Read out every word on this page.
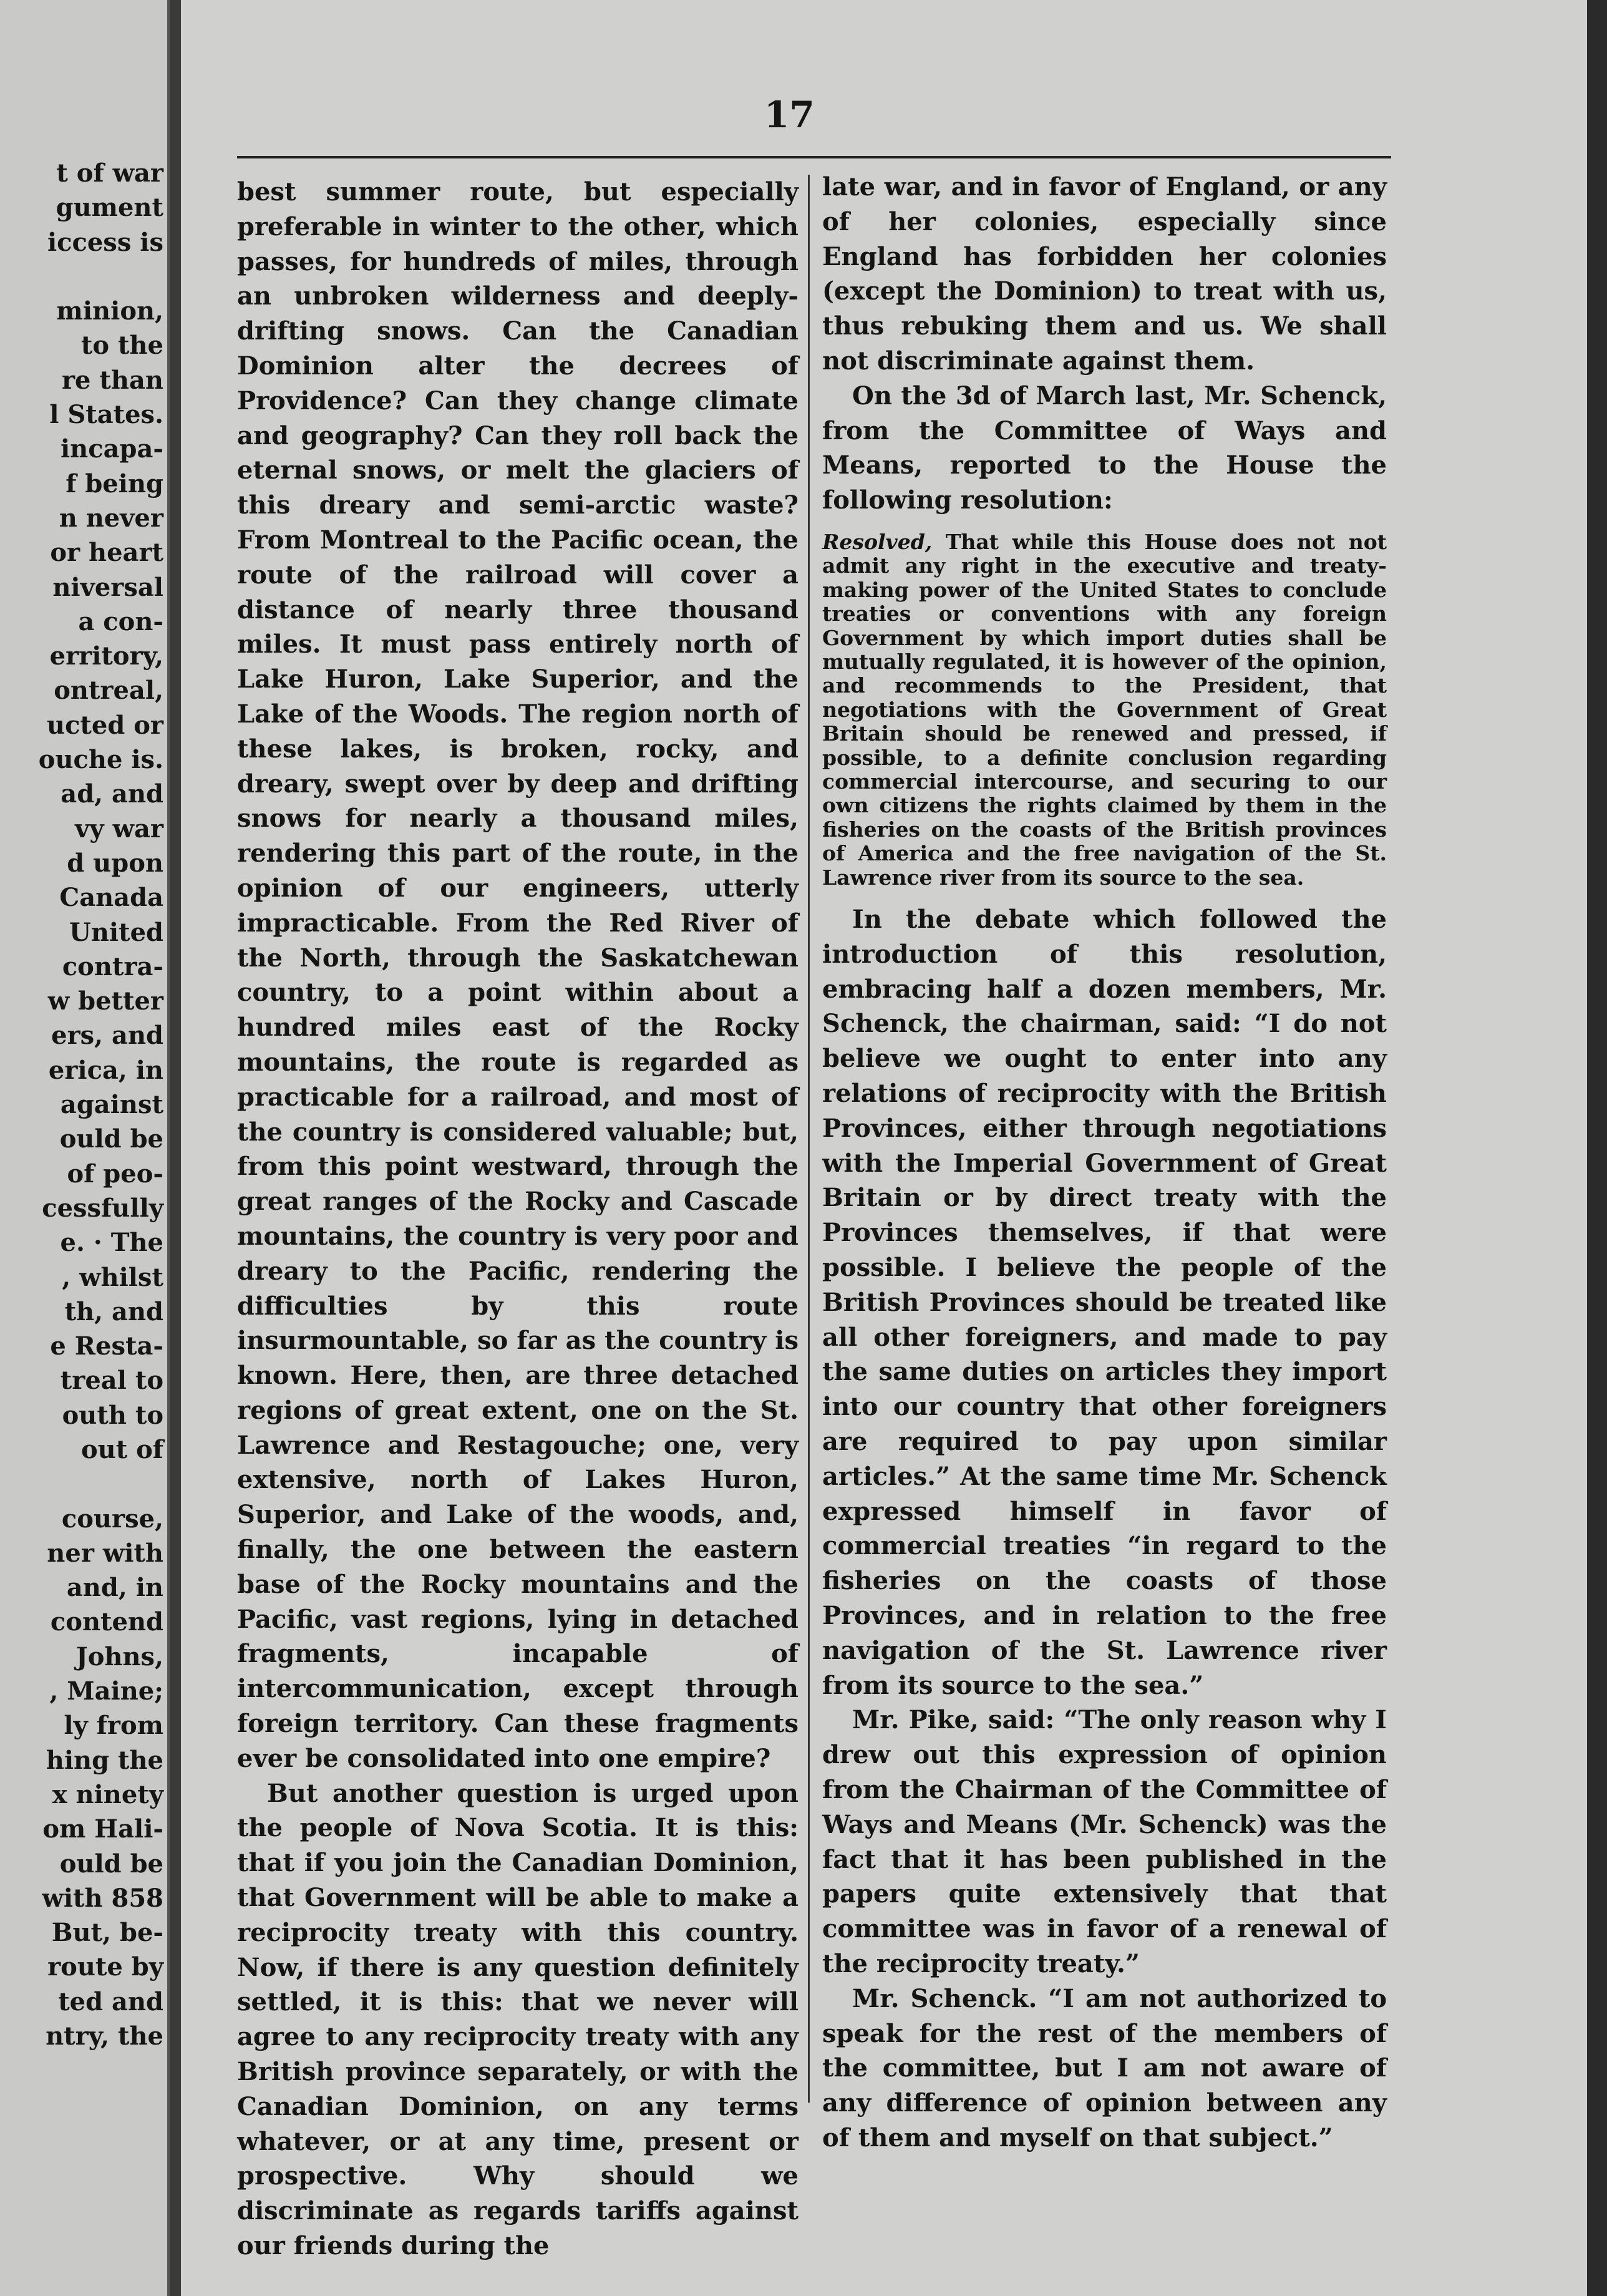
t of war
gument
iccess is
minion,
to the
re than
l States.
incapa-
f being
n never
or heart
niversal
a con-
erritory,
ontreal,
ucted or
ouche is.
ad, and
vy war
d upon
Canada
United
contra-
w better
ers, and
erica, in
against
ould be
of peo-
cessfully
e. · The
, whilst
th, and
e Resta-
treal to
outh to
out of
course,
ner with
and, in
contend
Johns,
, Maine;
ly from
hing the
x ninety
om Hali-
ould be
with 858
But, be-
route by
ted and
ntry, the
17

best summer route, but especially preferable in winter to the other, which passes, for hundreds of miles, through an unbroken wilderness and deeply-drifting snows. Can the Canadian Dominion alter the decrees of Providence? Can they change climate and geography? Can they roll back the eternal snows, or melt the glaciers of this dreary and semi-arctic waste? From Montreal to the Pacific ocean, the route of the railroad will cover a distance of nearly three thousand miles. It must pass entirely north of Lake Huron, Lake Superior, and the Lake of the Woods. The region north of these lakes, is broken, rocky, and dreary, swept over by deep and drifting snows for nearly a thousand miles, rendering this part of the route, in the opinion of our engineers, utterly impracticable. From the Red River of the North, through the Saskatchewan country, to a point within about a hundred miles east of the Rocky mountains, the route is regarded as practicable for a railroad, and most of the country is considered valuable; but, from this point westward, through the great ranges of the Rocky and Cascade mountains, the country is very poor and dreary to the Pacific, rendering the difficulties by this route insurmountable, so far as the country is known. Here, then, are three detached regions of great extent, one on the St. Lawrence and Restagouche; one, very extensive, north of Lakes Huron, Superior, and Lake of the woods, and, finally, the one between the eastern base of the Rocky mountains and the Pacific, vast regions, lying in detached fragments, incapable of intercommunication, except through foreign territory. Can these fragments ever be consolidated into one empire?

But another question is urged upon the people of Nova Scotia. It is this: that if you join the Canadian Dominion, that Government will be able to make a reciprocity treaty with this country. Now, if there is any question definitely settled, it is this: that we never will agree to any reciprocity treaty with any British province separately, or with the Canadian Dominion, on any terms whatever, or at any time, present or prospective. Why should we discriminate as regards tariffs against our friends during the

late war, and in favor of England, or any of her colonies, especially since England has forbidden her colonies (except the Dominion) to treat with us, thus rebuking them and us. We shall not discriminate against them.

On the 3d of March last, Mr. Schenck, from the Committee of Ways and Means, reported to the House the following resolution:

Resolved, That while this House does not not admit any right in the executive and treaty-making power of the United States to conclude treaties or conventions with any foreign Government by which import duties shall be mutually regulated, it is however of the opinion, and recommends to the President, that negotiations with the Government of Great Britain should be renewed and pressed, if possible, to a definite conclusion regarding commercial intercourse, and securing to our own citizens the rights claimed by them in the fisheries on the coasts of the British provinces of America and the free navigation of the St. Lawrence river from its source to the sea.

In the debate which followed the introduction of this resolution, embracing half a dozen members, Mr. Schenck, the chairman, said: “I do not believe we ought to enter into any relations of reciprocity with the British Provinces, either through negotiations with the Imperial Government of Great Britain or by direct treaty with the Provinces themselves, if that were possible. I believe the people of the British Provinces should be treated like all other foreigners, and made to pay the same duties on articles they import into our country that other foreigners are required to pay upon similar articles.” At the same time Mr. Schenck expressed himself in favor of commercial treaties “in regard to the fisheries on the coasts of those Provinces, and in relation to the free navigation of the St. Lawrence river from its source to the sea.”

Mr. Pike, said: “The only reason why I drew out this expression of opinion from the Chairman of the Committee of Ways and Means (Mr. Schenck) was the fact that it has been published in the papers quite extensively that that committee was in favor of a renewal of the reciprocity treaty.”

Mr. Schenck. “I am not authorized to speak for the rest of the members of the committee, but I am not aware of any difference of opinion between any of them and myself on that subject.”
